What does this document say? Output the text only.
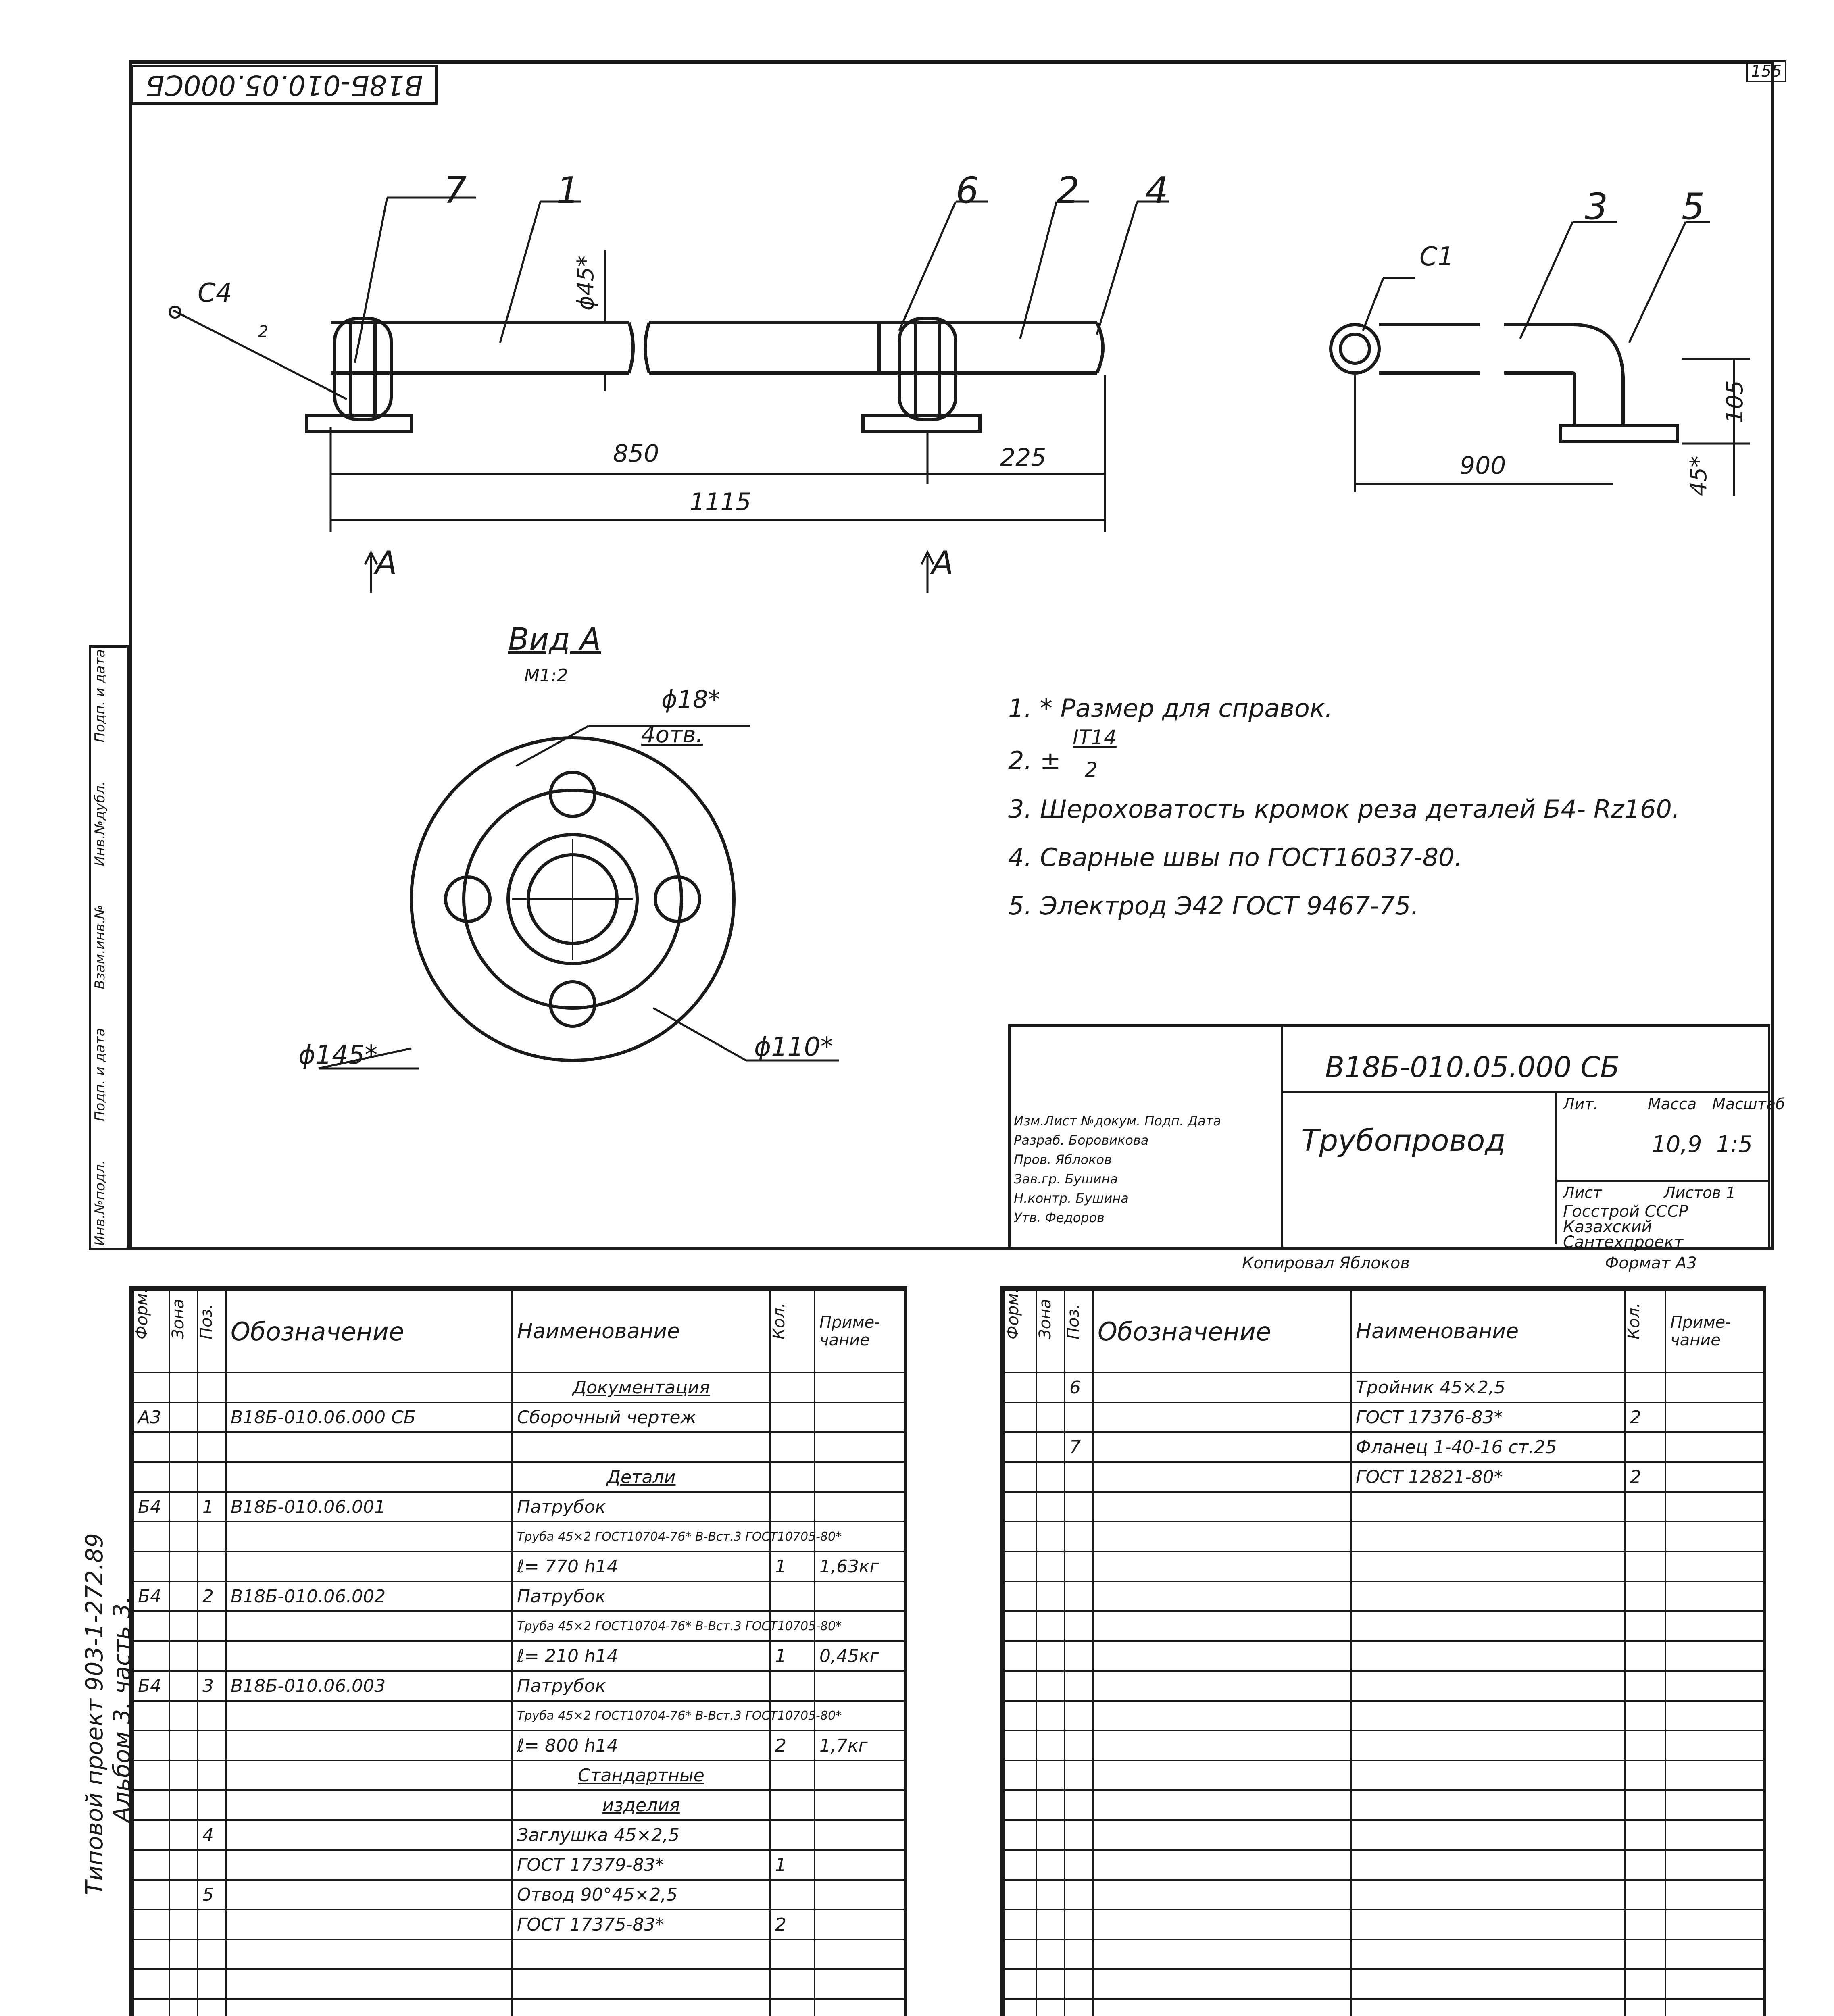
155
В18Б-010.05.000СБ
Инв.№подл.
Подп. и дата
Взам.инв.№
Инв.№дубл.
Подп. и дата
7 1	6 2 4	3 5
С4
2
С1
ϕ45*
850	225
1115
900
105
45*
A	A
Вид А
М1:2
ϕ18*
4отв.
ϕ145*	ϕ110*
1. * Размер для справок.
2. ±
IT14
2
3. Шероховатость кромок реза деталей Б4- Rz160.
4. Сварные швы по ГОСТ16037-80.
5. Электрод Э42 ГОСТ 9467-75.
В18Б-010.05.000 СБ
Трубопровод
Лит.	Масса Масштаб
10,9 1:5
Лист	Листов 1
Госстрой СССР Казахский Сантехпроект
Изм.Лист №докум. Подп. Дата
Разраб. Боровикова
Пров. Яблоков
Зав.гр. Бушина
Н.контр. Бушина
Утв. Федоров
Копировал Яблоков	Формат А3
Типовой проект 903-1-272.89 Альбом 3, часть 3.
Форм.	Зона	Поз.	Обозначение	Наименование	Кол.	Приме-чание
				Документация		
А3			В18Б-010.06.000 СБ	Сборочный чертеж		

				Детали		
Б4		1	В18Б-010.06.001	Патрубок		
				Труба 45×2 ГОСТ10704-76* В-Вст.3 ГОСТ10705-80*		
				ℓ= 770 h14	1	1,63кг
Б4		2	В18Б-010.06.002	Патрубок		
				Труба 45×2 ГОСТ10704-76* В-Вст.3 ГОСТ10705-80*		
				ℓ= 210 h14	1	0,45кг
Б4		3	В18Б-010.06.003	Патрубок		
				Труба 45×2 ГОСТ10704-76* В-Вст.3 ГОСТ10705-80*		
				ℓ= 800 h14	2	1,7кг
				Стандартные		
				изделия		
		4		Заглушка 45×2,5		
				ГОСТ 17379-83*	1	
		5		Отвод 90°45×2,5		
				ГОСТ 17375-83*	2	

Форм.	Зона	Поз.	Обозначение	Наименование	Кол.	Приме-чание
		6		Тройник 45×2,5		
				ГОСТ 17376-83*	2	
		7		Фланец 1-40-16 ст.25		
				ГОСТ 12821-80*	2	
